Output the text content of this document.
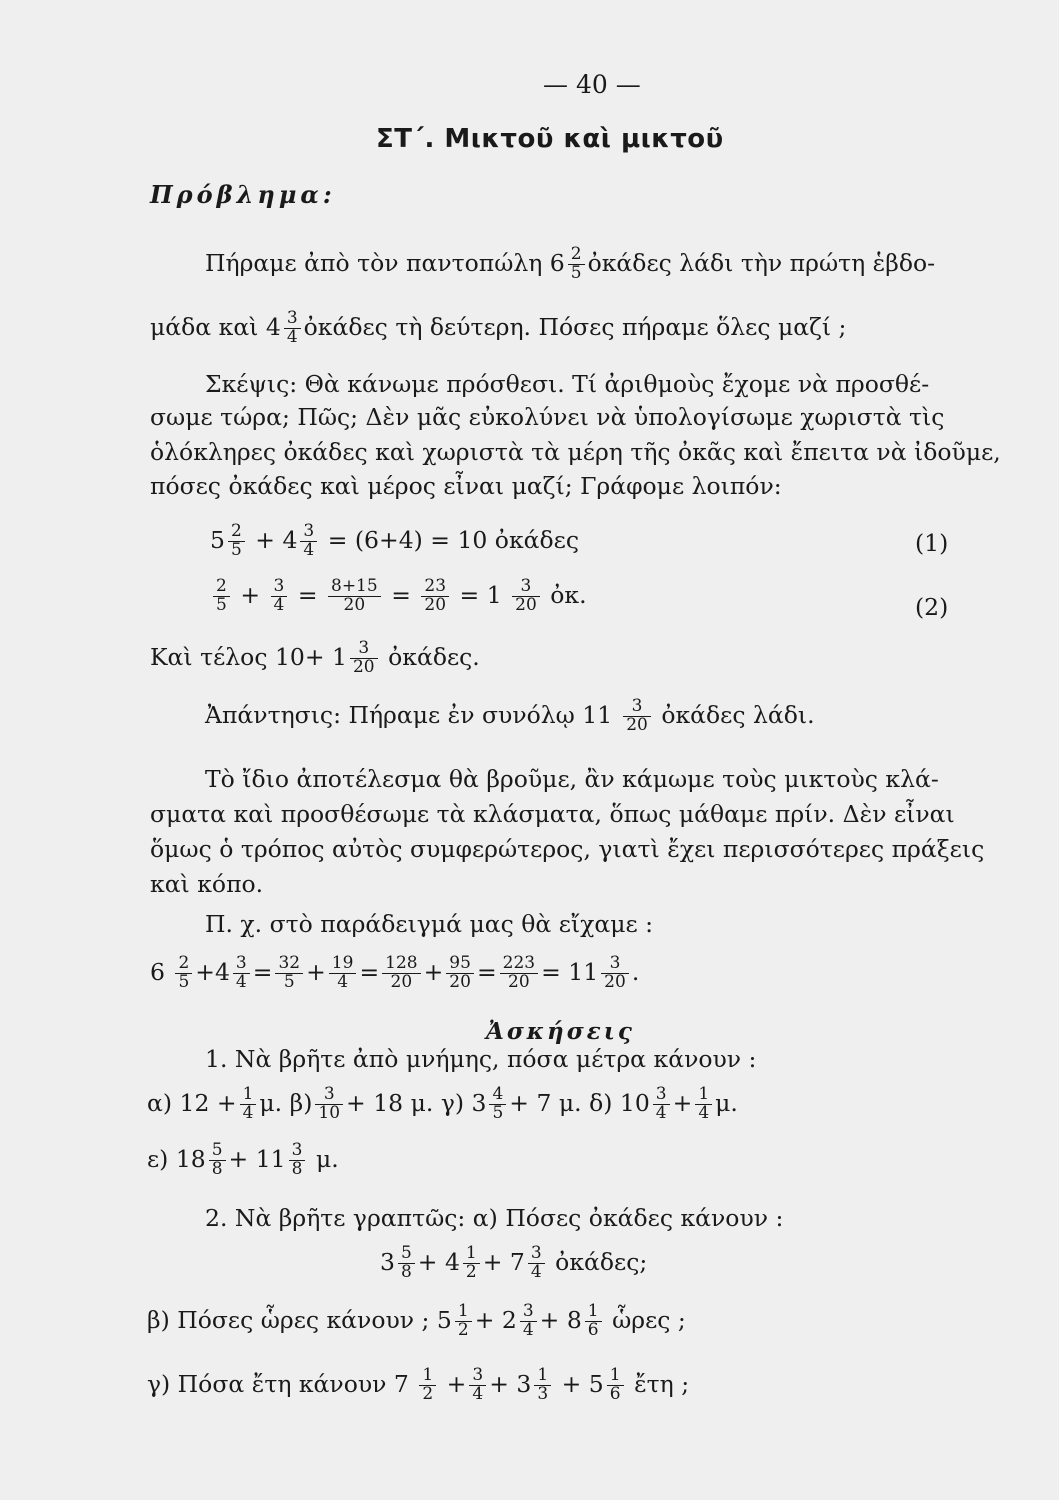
— 40 —
ΣΤ΄. Μικτοῦ καὶ μικτοῦ
Πρόβλημα:
Πήραμε ἀπὸ τὸν παντοπώλη $6 \frac{2}{5}$ ὀκάδες λάδι τὴν πρώτη ἑβδο-
μάδα καὶ $4 \frac{3}{4}$ ὀκάδες τὴ δεύτερη. Πόσες πήραμε ὅλες μαζί ;
Σκέψις: Θὰ κάνωμε πρόσθεσι. Τί ἀριθμοὺς ἔχομε νὰ προσθέ-
σωμε τώρα; Πῶς; Δὲν μᾶς εὐκολύνει νὰ ὑπολογίσωμε χωριστὰ τὶς
ὁλόκληρες ὀκάδες καὶ χωριστὰ τὰ μέρη τῆς ὀκᾶς καὶ ἔπειτα νὰ ἰδοῦμε,
πόσες ὀκάδες καὶ μέρος εἶναι μαζί; Γράφομε λοιπόν:
$5 \frac{2}{5} + 4 \frac{3}{4} = (6+4) = 10$ ὀκάδες	(1)
$\frac{2}{5} + \frac{3}{4} = \frac{8+15}{20} = \frac{23}{20} = 1 \frac{3}{20}$ ὀκ.	(2)
Καὶ τέλος $10+ 1 \frac{3}{20}$ ὀκάδες.
Ἀπάντησις: Πήραμε ἐν συνόλῳ $11 \frac{3}{20}$ ὀκάδες λάδι.
Τὸ ἴδιο ἀποτέλεσμα θὰ βροῦμε, ἂν κάμωμε τοὺς μικτοὺς κλά-
σματα καὶ προσθέσωμε τὰ κλάσματα, ὅπως μάθαμε πρίν. Δὲν εἶναι
ὅμως ὁ τρόπος αὐτὸς συμφερώτερος, γιατὶ ἔχει περισσότερες πράξεις
καὶ κόπο.
Π. χ. στὸ παράδειγμά μας θὰ εἴχαμε :
$6 \frac{2}{5} +4 \frac{3}{4} = \frac{32}{5} + \frac{19}{4} = \frac{128}{20} + \frac{95}{20} = \frac{223}{20} = 11 \frac{3}{20}$ .
Ἀσκήσεις
1. Νὰ βρῆτε ἀπὸ μνήμης, πόσα μέτρα κάνουν :
α) $12 + \frac{1}{4} \mu$. $\beta) \frac{3}{10} + 18$ μ. γ) $3 \frac{4}{5} + 7$ μ. δ) $10 \frac{3}{4} + \frac{1}{4} \mu$.
ε) $18 \frac{5}{8} + 11 \frac{3}{8} \mu$.
2. Νὰ βρῆτε γραπτῶς: α) Πόσες ὀκάδες κάνουν :
$3 \frac{5}{8} + 4 \frac{1}{2} + 7 \frac{3}{4}$ ὀκάδες;
β) Πόσες ὧρες κάνουν ; $5 \frac{1}{2} + 2 \frac{3}{4} + 8 \frac{1}{6}$ ὧρες ;
γ) Πόσα ἔτη κάνουν $7 \frac{1}{2} + \frac{3}{4} + 3 \frac{1}{3} + 5 \frac{1}{6}$ ἔτη ;
